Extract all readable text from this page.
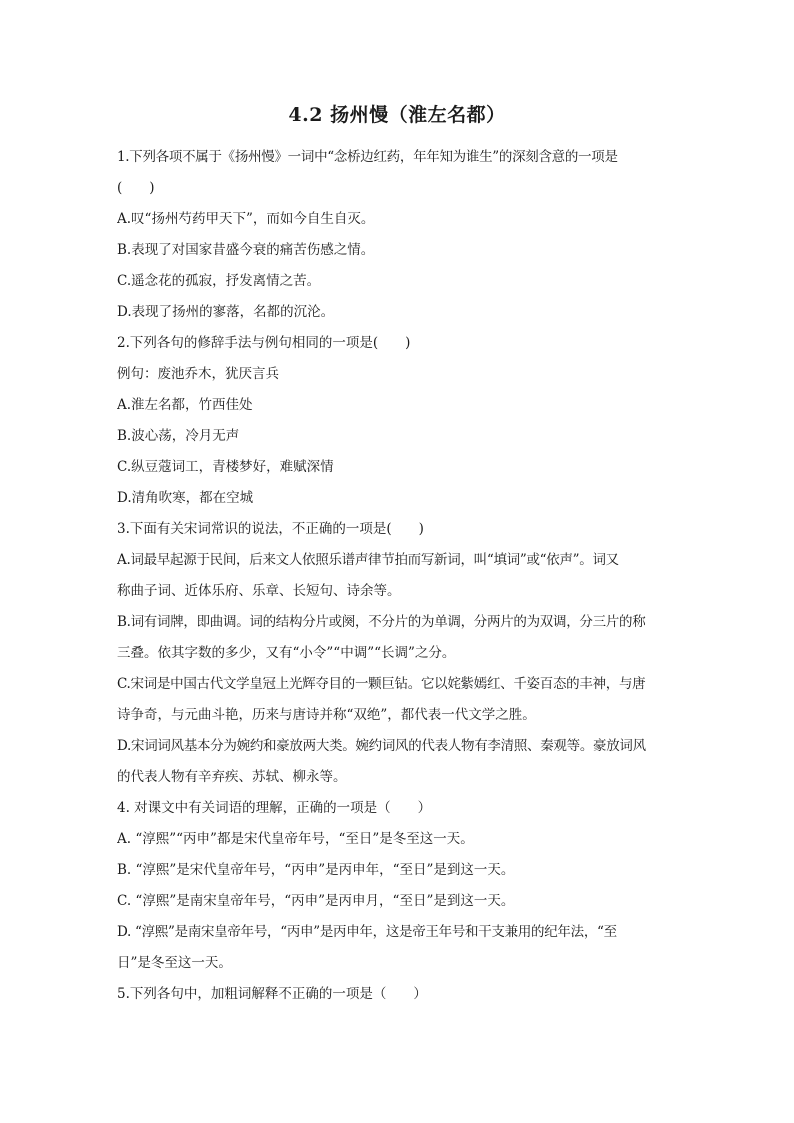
4.2 扬州慢（淮左名都）
1.下列各项不属于《扬州慢》一词中“念桥边红药，年年知为谁生”的深刻含意的一项是
(　　)
A.叹“扬州芍药甲天下”，而如今自生自灭。
B.表现了对国家昔盛今衰的痛苦伤感之情。
C.遥念花的孤寂，抒发离情之苦。
D.表现了扬州的寥落，名都的沉沦。
2.下列各句的修辞手法与例句相同的一项是(　　)
例句：废池乔木，犹厌言兵
A.淮左名都，竹西佳处
B.波心荡，冷月无声
C.纵豆蔻词工，青楼梦好，难赋深情
D.清角吹寒，都在空城
3.下面有关宋词常识的说法，不正确的一项是(　　)
A.词最早起源于民间，后来文人依照乐谱声律节拍而写新词，叫“填词”或“依声”。词又
称曲子词、近体乐府、乐章、长短句、诗余等。
B.词有词牌，即曲调。词的结构分片或阕，不分片的为单调，分两片的为双调，分三片的称
三叠。依其字数的多少，又有“小令”“中调”“长调”之分。
C.宋词是中国古代文学皇冠上光辉夺目的一颗巨钻。它以姹紫嫣红、千姿百态的丰神，与唐
诗争奇，与元曲斗艳，历来与唐诗并称“双绝”，都代表一代文学之胜。
D.宋词词风基本分为婉约和豪放两大类。婉约词风的代表人物有李清照、秦观等。豪放词风
的代表人物有辛弃疾、苏轼、柳永等。
4. 对课文中有关词语的理解，正确的一项是（　　）
A. “淳熙”“丙申”都是宋代皇帝年号，“至日”是冬至这一天。
B. “淳熙”是宋代皇帝年号，“丙申”是丙申年，“至日”是到这一天。
C. “淳熙”是南宋皇帝年号，“丙申”是丙申月，“至日”是到这一天。
D. “淳熙”是南宋皇帝年号，“丙申”是丙申年，这是帝王年号和干支兼用的纪年法，“至
日”是冬至这一天。
5.下列各句中，加粗词解释不正确的一项是（　　）
